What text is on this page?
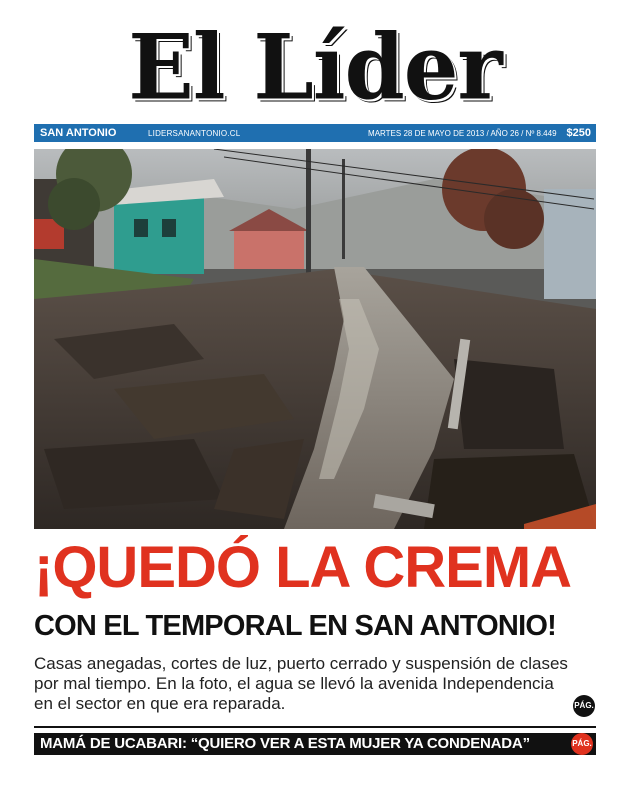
El Líder
SAN ANTONIO	LIDERSANANTONIO.CL	MARTES 28 DE MAYO DE 2013 / AÑO 26 / Nº 8.449 $250
¡QUEDÓ LA CREMA
CON EL TEMPORAL EN SAN ANTONIO!
Casas anegadas, cortes de luz, puerto cerrado y suspensión de clases por mal tiempo. En la foto, el agua se llevó la avenida Independencia en el sector en que era reparada.	PÁG.
MAMÁ DE UCABARI: “QUIERO VER A ESTA MUJER YA CONDENADA”	PÁG. 3
